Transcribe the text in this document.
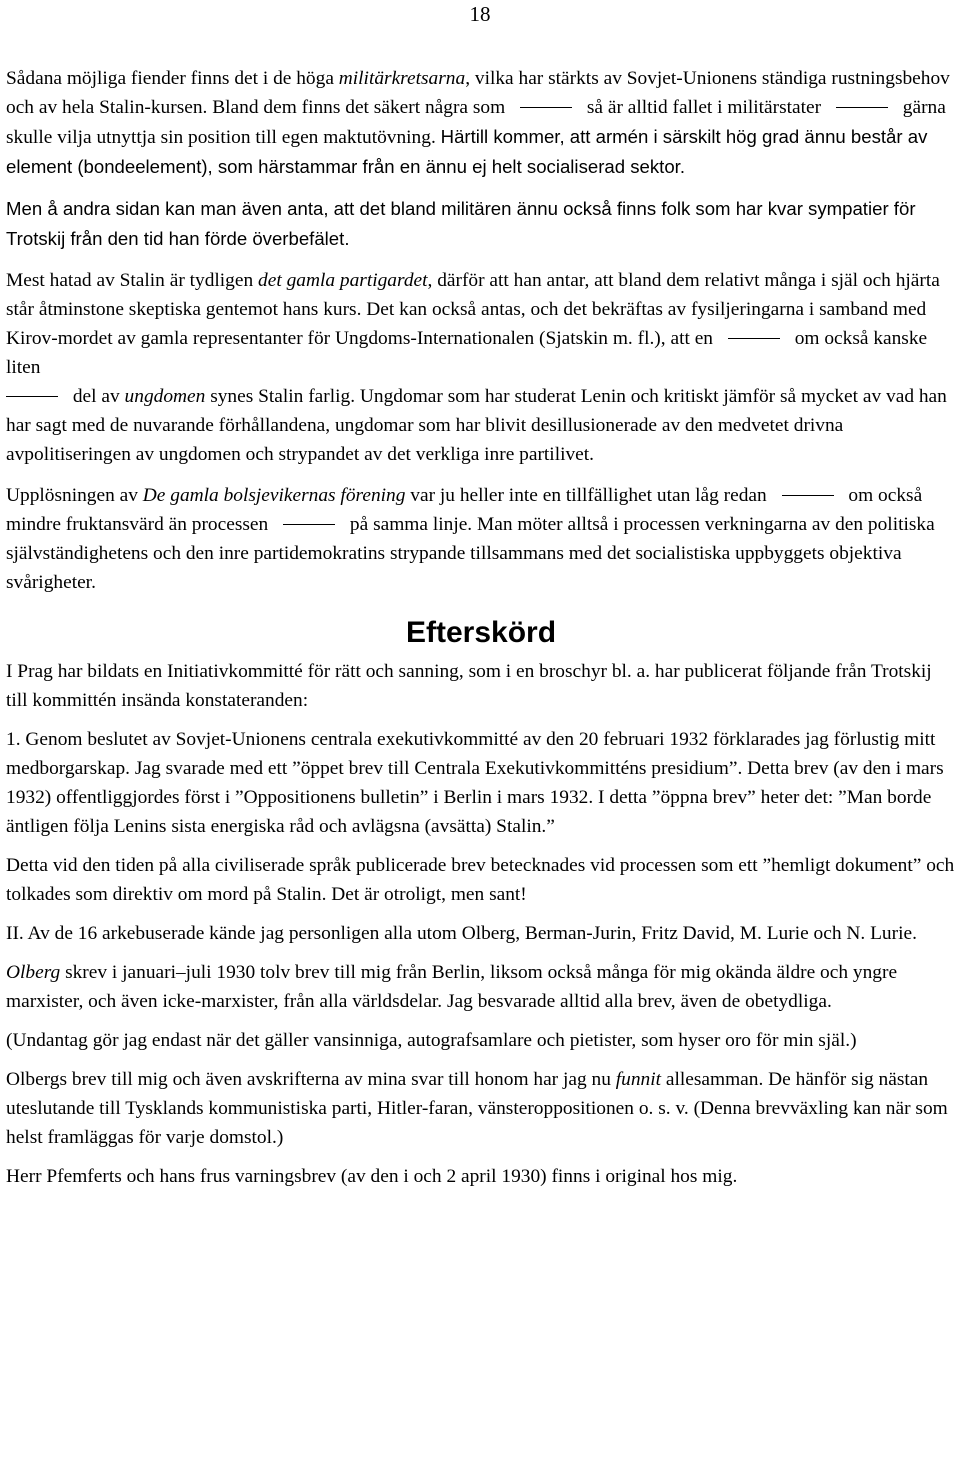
18

Sådana möjliga fiender finns det i de höga militärkretsarna, vilka har stärkts av Sovjet-Unionens ständiga rustningsbehov och av hela Stalin-kursen. Bland dem finns det säkert några som	så är alltid fallet i militärstater	gärna skulle vilja utnyttja sin position till egen maktutövning. Härtill kommer, att armén i särskilt hög grad ännu består av element (bondeelement), som härstammar från en ännu ej helt socialiserad sektor.

Men å andra sidan kan man även anta, att det bland militären ännu också finns folk som har kvar sympatier för Trotskij från den tid han förde överbefälet.

Mest hatad av Stalin är tydligen det gamla partigardet, därför att han antar, att bland dem relativt många i själ och hjärta står åtminstone skeptiska gentemot hans kurs. Det kan också antas, och det bekräftas av fysiljeringarna i samband med Kirov-mordet av gamla representanter för Ungdoms-Internationalen (Sjatskin m. fl.), att en	om också kanske liten
del av ungdomen synes Stalin farlig. Ungdomar som har studerat Lenin och kritiskt jämför så mycket av vad han har sagt med de nuvarande förhållandena, ungdomar som har blivit desillusionerade av den medvetet drivna avpolitiseringen av ungdomen och strypandet av det verkliga inre partilivet.

Upplösningen av De gamla bolsjevikernas förening var ju heller inte en tillfällighet utan låg redan	om också mindre fruktansvärd än processen	på samma linje. Man möter alltså i processen verkningarna av den politiska självständighetens och den inre partidemokratins strypande tillsammans med det socialistiska uppbyggets objektiva svårigheter.

Efterskörd

I Prag har bildats en Initiativkommitté för rätt och sanning, som i en broschyr bl. a. har publicerat följande från Trotskij till kommittén insända konstateranden:

1. Genom beslutet av Sovjet-Unionens centrala exekutivkommitté av den 20 februari 1932 förklarades jag förlustig mitt medborgarskap. Jag svarade med ett ”öppet brev till Centrala Exekutivkommitténs presidium”. Detta brev (av den i mars 1932) offentliggjordes först i ”Oppositionens bulletin” i Berlin i mars 1932. I detta ”öppna brev” heter det: ”Man borde äntligen följa Lenins sista energiska råd och avlägsna (avsätta) Stalin.”

Detta vid den tiden på alla civiliserade språk publicerade brev betecknades vid processen som ett ”hemligt dokument” och tolkades som direktiv om mord på Stalin. Det är otroligt, men sant!

II. Av de 16 arkebuserade kände jag personligen alla utom Olberg, Berman-Jurin, Fritz David, M. Lurie och N. Lurie.

Olberg skrev i januari–juli 1930 tolv brev till mig från Berlin, liksom också många för mig okända äldre och yngre marxister, och även icke-marxister, från alla världsdelar. Jag besvarade alltid alla brev, även de obetydliga.

(Undantag gör jag endast när det gäller vansinniga, autografsamlare och pietister, som hyser oro för min själ.)

Olbergs brev till mig och även avskrifterna av mina svar till honom har jag nu funnit allesamman. De hänför sig nästan uteslutande till Tysklands kommunistiska parti, Hitler-faran, vänsteroppositionen o. s. v. (Denna brevväxling kan när som helst framläggas för varje domstol.)

Herr Pfemferts och hans frus varningsbrev (av den i och 2 april 1930) finns i original hos mig.
